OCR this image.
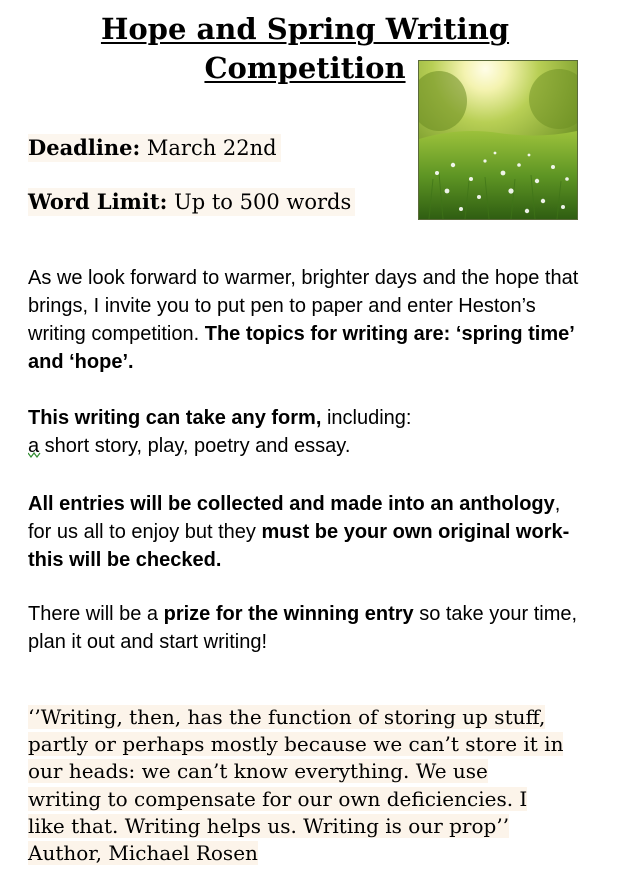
Hope and Spring Writing
Competition
Deadline: March 22nd
Word Limit: Up to 500 words
As we look forward to warmer, brighter days and the hope that brings, I invite you to put pen to paper and enter Heston’s writing competition. The topics for writing are: ‘spring time’ and ‘hope’.
This writing can take any form, including:
a short story, play, poetry and essay.
All entries will be collected and made into an anthology, for us all to enjoy but they must be your own original work- this will be checked.
There will be a prize for the winning entry so take your time, plan it out and start writing!
‘’Writing, then, has the function of storing up stuff,
partly or perhaps mostly because we can’t store it in
our heads: we can’t know everything. We use
writing to compensate for our own deficiencies. I
like that. Writing helps us. Writing is our prop’’
Author, Michael Rosen
